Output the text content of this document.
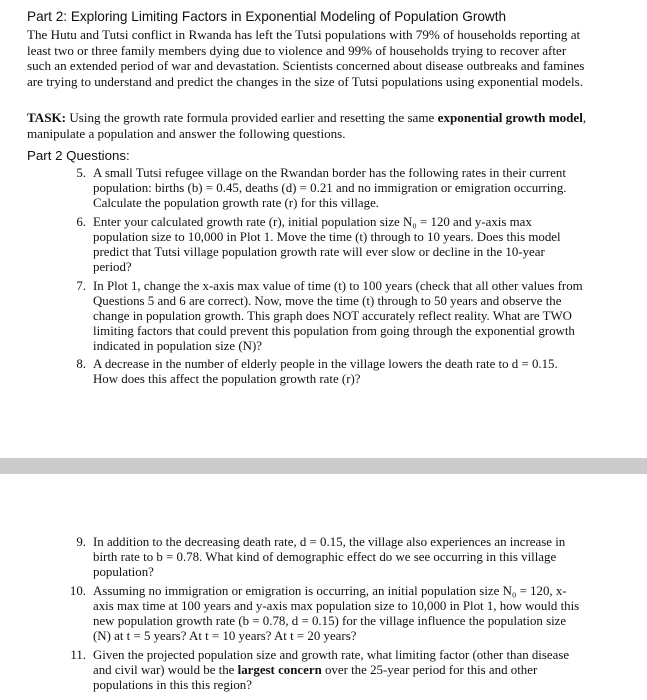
Part 2: Exploring Limiting Factors in Exponential Modeling of Population Growth
The Hutu and Tutsi conflict in Rwanda has left the Tutsi populations with 79% of households reporting at least two or three family members dying due to violence and 99% of households trying to recover after such an extended period of war and devastation. Scientists concerned about disease outbreaks and famines are trying to understand and predict the changes in the size of Tutsi populations using exponential models.
TASK: Using the growth rate formula provided earlier and resetting the same exponential growth model, manipulate a population and answer the following questions.
Part 2 Questions:
5. A small Tutsi refugee village on the Rwandan border has the following rates in their current population: births (b) = 0.45, deaths (d) = 0.21 and no immigration or emigration occurring. Calculate the population growth rate (r) for this village.
6. Enter your calculated growth rate (r), initial population size N₀ = 120 and y-axis max population size to 10,000 in Plot 1. Move the time (t) through to 10 years. Does this model predict that Tutsi village population growth rate will ever slow or decline in the 10-year period?
7. In Plot 1, change the x-axis max value of time (t) to 100 years (check that all other values from Questions 5 and 6 are correct). Now, move the time (t) through to 50 years and observe the change in population growth. This graph does NOT accurately reflect reality. What are TWO limiting factors that could prevent this population from going through the exponential growth indicated in population size (N)?
8. A decrease in the number of elderly people in the village lowers the death rate to d = 0.15. How does this affect the population growth rate (r)?
9. In addition to the decreasing death rate, d = 0.15, the village also experiences an increase in birth rate to b = 0.78. What kind of demographic effect do we see occurring in this village population?
10. Assuming no immigration or emigration is occurring, an initial population size N₀ = 120, x-axis max time at 100 years and y-axis max population size to 10,000 in Plot 1, how would this new population growth rate (b = 0.78, d = 0.15) for the village influence the population size (N) at t = 5 years? At t = 10 years? At t = 20 years?
11. Given the projected population size and growth rate, what limiting factor (other than disease and civil war) would be the largest concern over the 25-year period for this and other populations in this this region?
